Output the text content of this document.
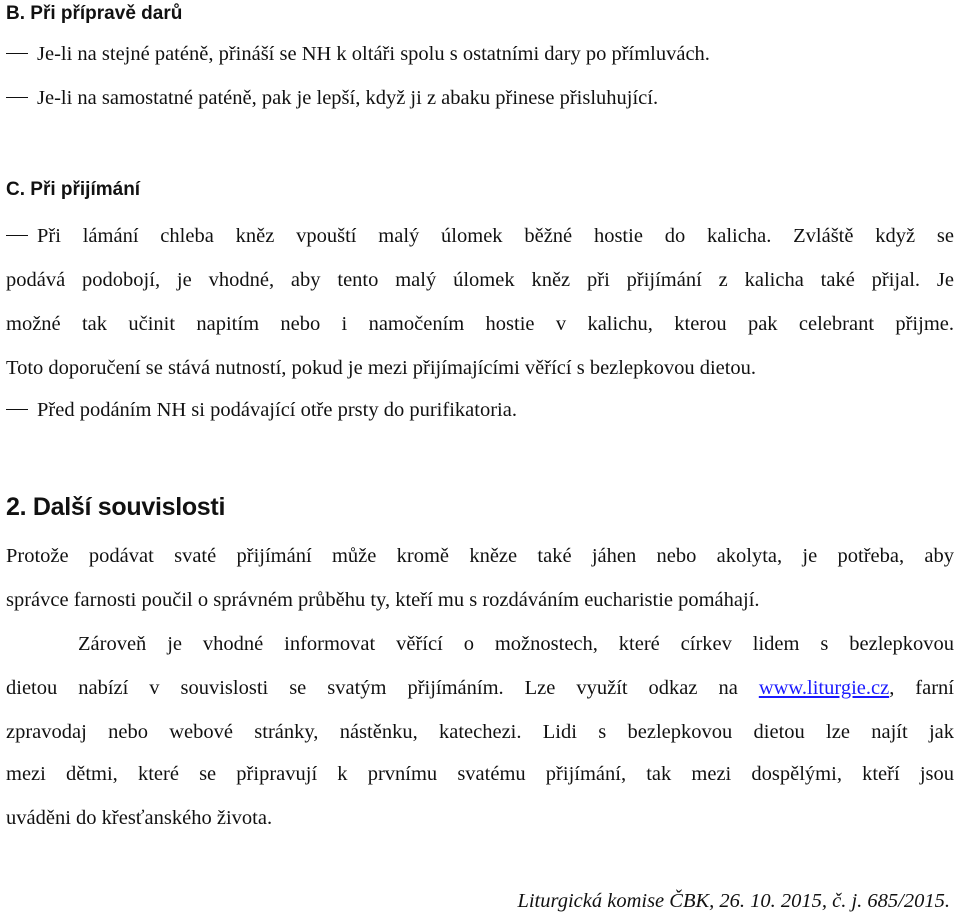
B. Při přípravě darů
Je-li na stejné paténě, přináší se NH k oltáři spolu s ostatními dary po přímluvách.
Je-li na samostatné paténě, pak je lepší, když ji z abaku přinese přisluhující.
C. Při přijímání
Při lámání chleba kněz vpouští malý úlomek běžné hostie do kalicha. Zvláště když se
podává podobojí, je vhodné, aby tento malý úlomek kněz při přijímání z kalicha také přijal. Je
možné tak učinit napitím nebo i namočením hostie v kalichu, kterou pak celebrant přijme.
Toto doporučení se stává nutností, pokud je mezi přijímajícími věřící s bezlepkovou dietou.
Před podáním NH si podávající otře prsty do purifikatoria.
2. Další souvislosti
Protože podávat svaté přijímání může kromě kněze také jáhen nebo akolyta, je potřeba, aby
správce farnosti poučil o správném průběhu ty, kteří mu s rozdáváním eucharistie pomáhají.
Zároveň je vhodné informovat věřící o možnostech, které církev lidem s bezlepkovou
dietou nabízí v souvislosti se svatým přijímáním. Lze využít odkaz na www.liturgie.cz, farní
zpravodaj nebo webové stránky, nástěnku, katechezi. Lidi s bezlepkovou dietou lze najít jak
mezi dětmi, které se připravují k prvnímu svatému přijímání, tak mezi dospělými, kteří jsou
uváděni do křesťanského života.
Liturgická komise ČBK, 26. 10. 2015, č. j. 685/2015.
